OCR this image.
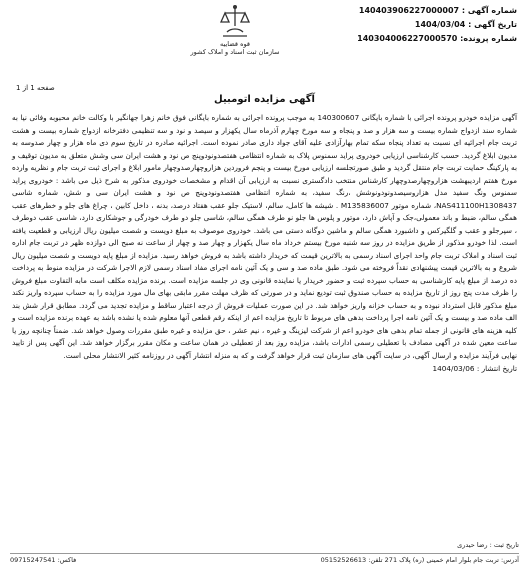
قوه قضاییه
سازمان ثبت اسناد و املاک کشور
شماره آگهی : 140403906227000007
تاریخ آگهی : 1404/03/04
شماره پرونده: 140304006227000570
صفحه 1 از 1
آگهی مزایده اتومبیل
آگهی مزایده خودرو پرونده اجرائی با شماره بایگانی 140300607 به موجب پرونده اجرائی به شماره بایگانی فوق خانم زهرا جهانگیر با وکالت خانم محبوبه وفائی نیا به شماره سند ازدواج شماره بیست و سه هزار و صد و پنجاه و سه مورخ چهارم آذرماه سال یکهزار و سیصد و نود و سه تنظیمی دفترخانه ازدواج شماره بیست و هشت تربت جام اجرائیه ای نسبت به تعداد پنجاه سکه تمام بهارآزادی علیه آقای جواد داری صادر نموده است. اجرائیه صادره در تاریخ سوم دی ماه هزار و چهار صدوسه به مدیون ابلاغ گردید. حسب کارشناسی ارزیابی خودروی پراید سمنوس پلاک به شماره انتظامی هفتصدونودوپنج ص نود و هشت ایران سی وشش متعلق به مدیون توقیف و به پارکینگ حمایت تربت جام منتقل گردید و طبق صورتجلسه ارزیابی مورخ بیست و پنجم فروردین هزاروچهارصدوچهار مامور ابلاغ و اجرای ثبت تربت جام و نظریه وارده مورخ هفتم اردیبهشت هزاروچهارصدوچهار کارشناس منتخب دادگستری نسبت به ارزیابی آن اقدام و مشخصات خودروی مذکور به شرح ذیل می باشد : خودروی پراید سمنوس ونگ سفید مدل هزاروسیصدونودونوشش ،رنگ سفید، به شماره انتظامی هفتصدونودوپنج ص نود و هشت ایران سی و شش، شماره شاسی NAS411100H1308437، شماره موتور M135836007 . شیشه ها کامل، سالم، لاستیک جلو عقب هفتاد درصد، بدنه ، داخل کابین ، چراغ های جلو و خطرهای عقب همگی سالم، ضبط و باند معمولی،جک و آپاش دارد، موتور و پلوس ها جلو نو طرف همگی سالم، شاسی جلو دو طرف خودرگی و جوشکاری دارد، شاسی عقب دوطرف ، سپرجلو و عقب و گلگیرکس و داشبورد همگی سالم و ماشین دوگانه دستی می باشد. خودروی موصوف به مبلغ دویست و شصت میلیون ریال ارزیابی و قطعیت یافته است. لذا خودرو مذکور از طریق مزایده در روز سه شنبه مورخ بیستم خرداد ماه سال یکهزار و چهار صد و چهار از ساعت نه صبح الی دوازده ظهر در تربت جام اداره ثبت اسناد و املاک تربت جام واحد اجرای اسناد رسمی به بالاترین قیمت که خریدار داشته باشد به فروش خواهد رسید. مزایده از مبلغ پایه دویست و شصت میلیون ریال شروع و به بالاترین قیمت پیشنهادی نقداً فروخته می شود. طبق ماده صد و سی و یک آئین نامه اجرای مفاد اسناد رسمی لازم الاجرا شرکت در مزایده منوط به پرداخت ده درصد از مبلغ پایه کارشناسی به حساب سپرده ثبت و حضور خریدار یا نماینده قانونی وی در جلسه مزایده است. برنده مزایده مکلف است مابه التفاوت مبلغ فروش را ظرف مدت پنج روز از تاریخ مزایده به حساب صندوق ثبت تودیع نماید و در صورتی که ظرف مهلت مقرر مابقی بهای مال مورد مزایده را به حساب سپرده واریز نکند مبلغ مذکور قابل استرداد نبوده و به حساب خزانه واریز خواهد شد. در این صورت عملیات فروش از درجه اعتبار ساقط و مزایده تجدید می گردد. مطابق قرار شش بند الف ماده صد و بیست و یک آئین نامه اجرا پرداخت بدهی های مربوط تا تاریخ مزایده اعم از اینکه رقم قطعی آنها معلوم شده یا نشده باشد به عهده برنده مزایده است و کلیه هزینه های قانونی از جمله تمام بدهی های خودرو اعم از شرکت لیزینگ و غیره ، نیم عشر ، حق مزایده و غیره طبق مقررات وصول خواهد شد. ضمناً چنانچه روز یا ساعت معین شده در آگهی مصادف با تعطیلی رسمی ادارات باشد، مزایده روز بعد از تعطیلی در همان ساعت و مکان مقرر برگزار خواهد شد. این آگهی پس از تایید نهایی فرآیند مزایده و ارسال آگهی، در سایت آگهی های سازمان ثبت قرار خواهد گرفت و که به منزله انتشار آگهی در روزنامه کثیر الانتشار محلی است.
تاریخ انتشار : 1404/03/06
تاریخ ثبت : رضا حیدری
آدرس: تربت جام بلوار امام خمینی (ره) پلاک 271 تلفن: 05152526613
فاکس: 09715247541
